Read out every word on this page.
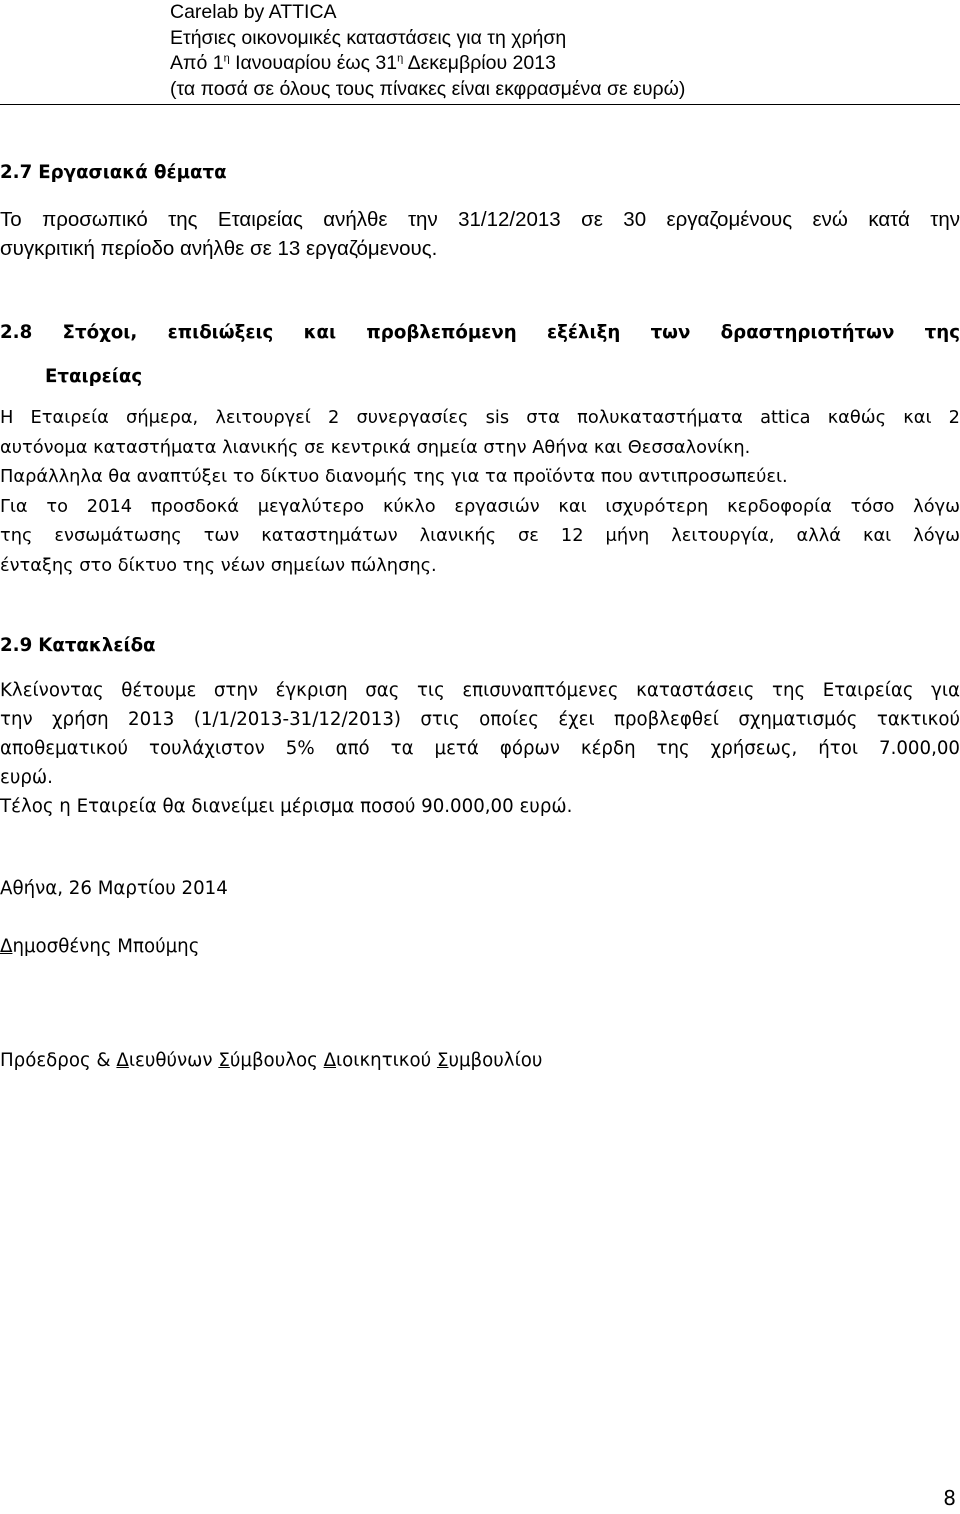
Carelab by ATTICA
Ετήσιες οικονομικές καταστάσεις για τη χρήση
Από $1^\eta$ Ιανουαρίου έως $31^\eta$ Δεκεμβρίου 2013
(τα ποσά σε όλους τους πίνακες είναι εκφρασμένα σε ευρώ)
2.7 Εργασιακά θέματα
Το προσωπικό της Εταιρείας ανήλθε την 31/12/2013 σε 30 εργαζομένους ενώ κατά την
συγκριτική περίοδο ανήλθε σε 13 εργαζόμενους.
2.8 Στόχοι, επιδιώξεις και προβλεπόμενη εξέλιξη των δραστηριοτήτων της
Εταιρείας
Η Εταιρεία σήμερα, λειτουργεί 2 συνεργασίες sis στα πολυκαταστήματα attica καθώς και 2
αυτόνομα καταστήματα λιανικής σε κεντρικά σημεία στην Αθήνα και Θεσσαλονίκη.
Παράλληλα θα αναπτύξει το δίκτυο διανομής της για τα προϊόντα που αντιπροσωπεύει.
Για το 2014 προσδοκά μεγαλύτερο κύκλο εργασιών και ισχυρότερη κερδοφορία τόσο λόγω
της ενσωμάτωσης των καταστημάτων λιανικής σε 12 μήνη λειτουργία, αλλά και λόγω
ένταξης στο δίκτυο της νέων σημείων πώλησης.
2.9 Κατακλείδα
Κλείνοντας θέτουμε στην έγκριση σας τις επισυναπτόμενες καταστάσεις της Εταιρείας για
την χρήση 2013 (1/1/2013-31/12/2013) στις οποίες έχει προβλεφθεί σχηματισμός τακτικού
αποθεματικού τουλάχιστον 5% από τα μετά φόρων κέρδη της χρήσεως, ήτοι 7.000,00
ευρώ.
Τέλος η Εταιρεία θα διανείμει μέρισμα ποσού 90.000,00 ευρώ.
Αθήνα, 26 Μαρτίου 2014
Δημοσθένης Μπούμης
Πρόεδρος & Διευθύνων Σύμβουλος Διοικητικού Συμβουλίου
8
